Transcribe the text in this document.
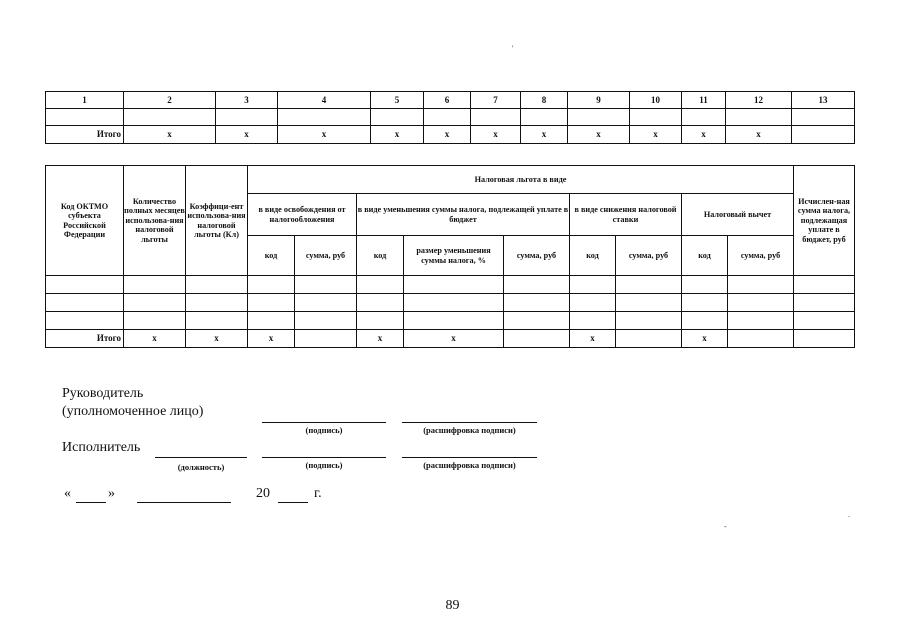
'
1	2	3	4	5	6	7	8	9	10	11	12	13

Итого	x	x	x	x	x	x	x	x	x	x	x	
Код ОКТМО субъекта Российской Федерации	Количество полных месяцев использова-ния налоговой льготы	Коэффици-ент использова-ния налоговой льготы (Кл)	Налоговая льгота в виде									Исчислен-ная сумма налога, подлежащая уплате в бюджет, руб
			в виде освобождения от налогообложения		в виде уменьшения суммы налога, подлежащей уплате в бюджет			в виде снижения налоговой ставки		Налоговый вычет		
			код	сумма, руб	код	размер уменьшения суммы налога, %	сумма, руб	код	сумма, руб	код	сумма, руб	

Итого	x	x	x		x	x		x		x		
Руководитель
(уполномоченное лицо)
(подпись)	(расшифровка подписи)
Исполнитель
(должность)	(подпись)	(расшифровка подписи)
«	»	20	г.
-
.
89
